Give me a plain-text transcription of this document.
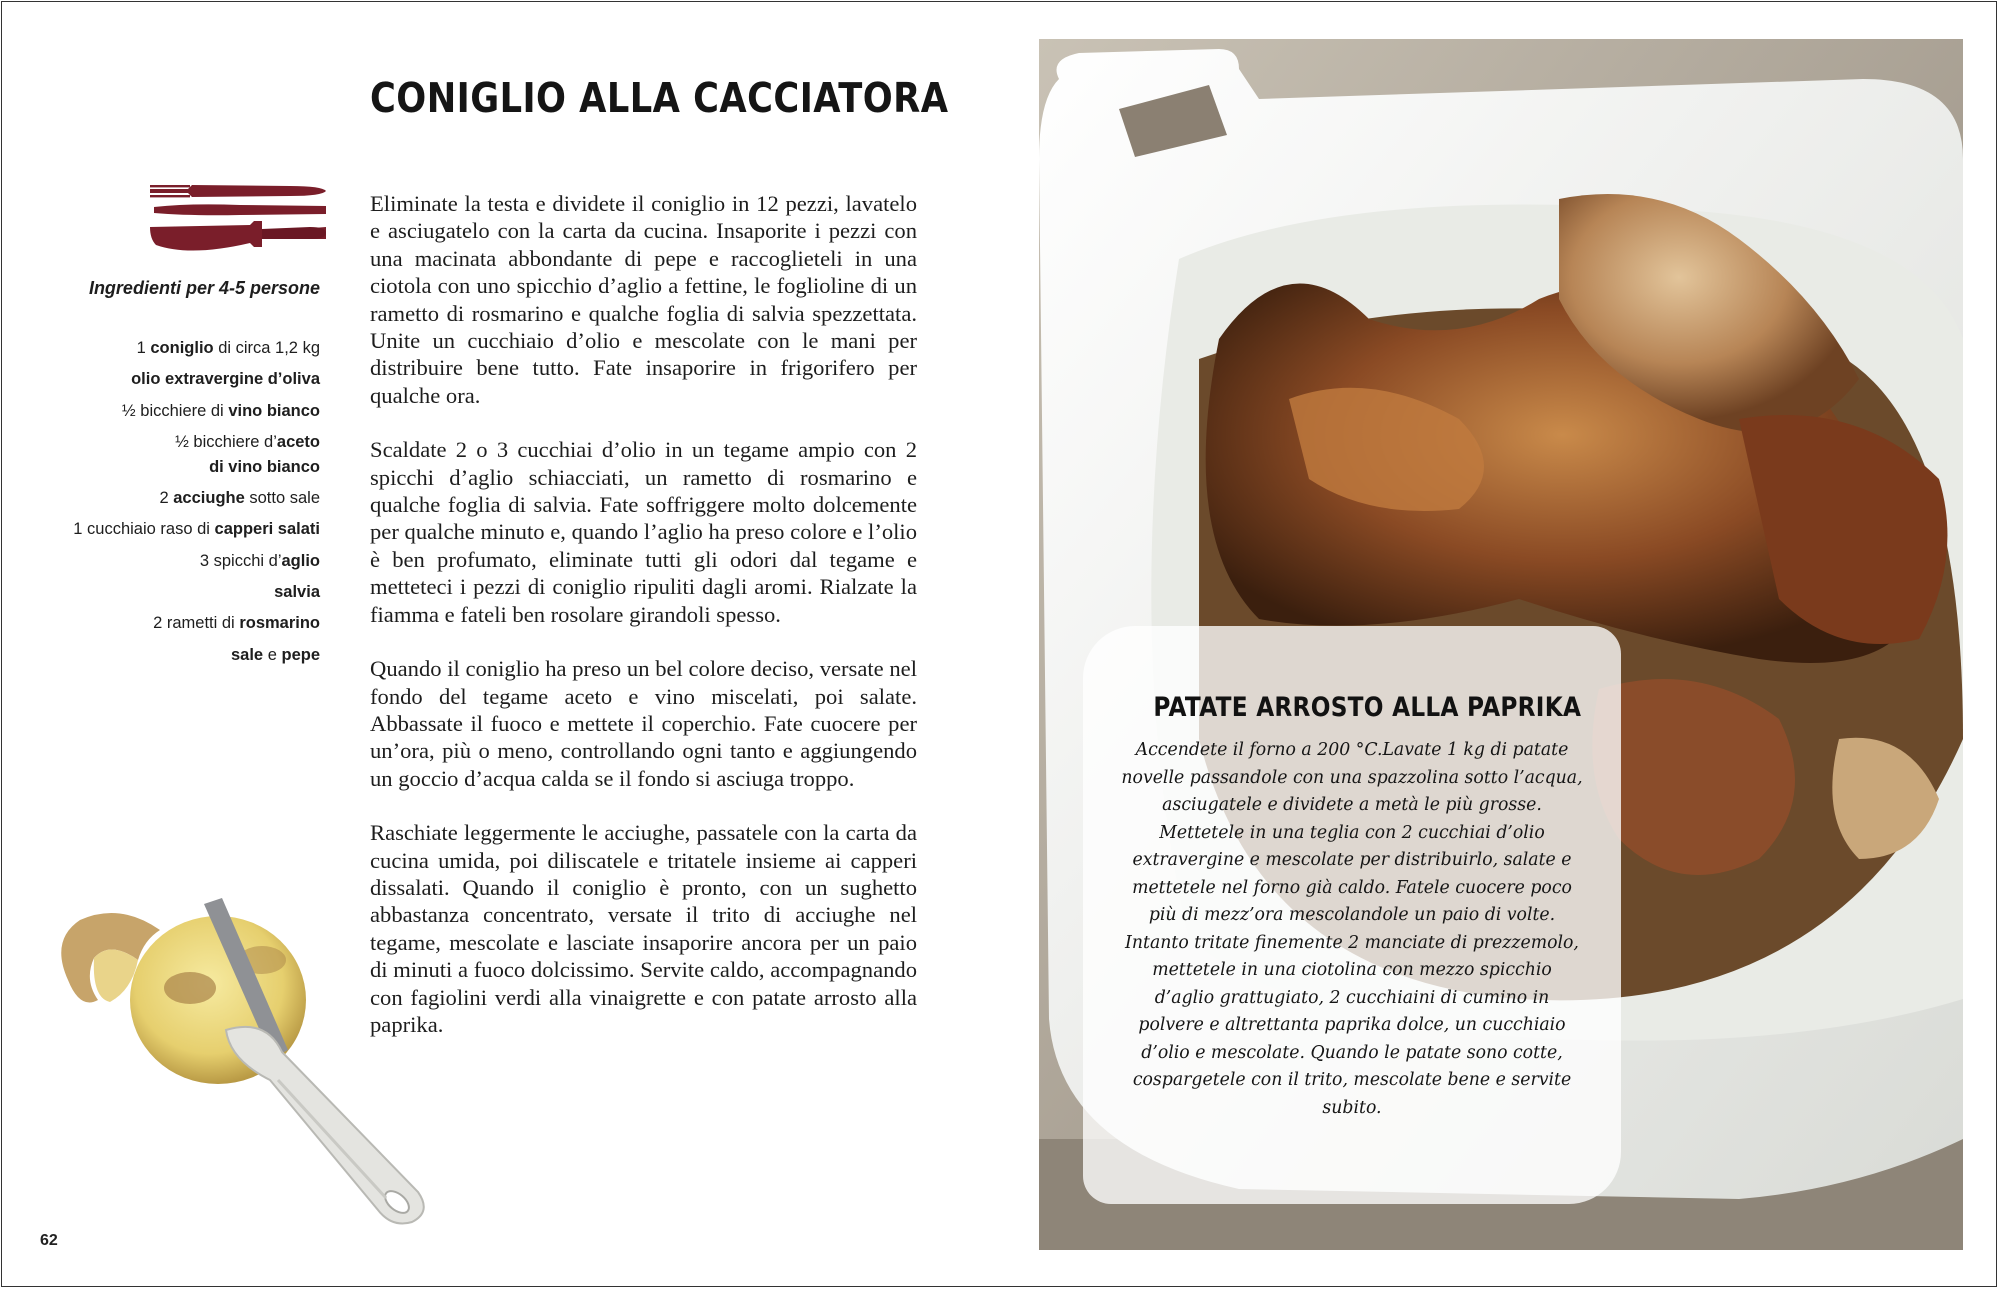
CONIGLIO ALLA CACCIATORA

Ingredienti per 4-5 persone

1 coniglio di circa 1,2 kg
olio extravergine d’oliva
½ bicchiere di vino bianco
½ bicchiere d’aceto
di vino bianco
2 acciughe sotto sale
1 cucchiaio raso di capperi salati
3 spicchi d’aglio
salvia
2 rametti di rosmarino
sale e pepe

Eliminate la testa e dividete il coniglio in 12 pezzi, lavatelo e asciugatelo con la carta da cucina. Insaporite i pezzi con una macinata abbondante di pepe e raccoglieteli in una ciotola con uno spicchio d’aglio a fettine, le foglioline di un rametto di rosmarino e qualche foglia di salvia spezzettata. Unite un cucchiaio d’olio e mescolate con le mani per distribuire bene tutto. Fate insaporire in frigorifero per qualche ora.

Scaldate 2 o 3 cucchiai d’olio in un tegame ampio con 2 spicchi d’aglio schiacciati, un rametto di rosmarino e qualche foglia di salvia. Fate soffriggere molto dolcemente per qualche minuto e, quando l’aglio ha preso colore e l’olio è ben profumato, eliminate tutti gli odori dal tegame e metteteci i pezzi di coniglio ripuliti dagli aromi. Rialzate la fiamma e fateli ben rosolare girandoli spesso.

Quando il coniglio ha preso un bel colore deciso, versate nel fondo del tegame aceto e vino miscelati, poi salate. Abbassate il fuoco e mettete il coperchio. Fate cuocere per un’ora, più o meno, controllando ogni tanto e aggiungendo un goccio d’acqua calda se il fondo si asciuga troppo.

Raschiate leggermente le acciughe, passatele con la carta da cucina umida, poi diliscatele e tritatele insieme ai capperi dissalati. Quando il coniglio è pronto, con un sughetto abbastanza concentrato, versate il trito di acciughe nel tegame, mescolate e lasciate insaporire ancora per un paio di minuti a fuoco dolcissimo. Servite caldo, accompagnando con fagiolini verdi alla vinaigrette e con patate arrosto alla paprika.

62
PATATE ARROSTO ALLA PAPRIKA

Accendete il forno a 200 °C.Lavate 1 kg di patate novelle passandole con una spazzolina sotto l’acqua, asciugatele e dividete a metà le più grosse. Mettetele in una teglia con 2 cucchiai d’olio extravergine e mescolate per distribuirlo, salate e mettetele nel forno già caldo. Fatele cuocere poco più di mezz’ora mescolandole un paio di volte. Intanto tritate finemente 2 manciate di prezzemolo, mettetele in una ciotolina con mezzo spicchio d’aglio grattugiato, 2 cucchiaini di cumino in polvere e altrettanta paprika dolce, un cucchiaio d’olio e mescolate. Quando le patate sono cotte, cospargetele con il trito, mescolate bene e servite subito.
